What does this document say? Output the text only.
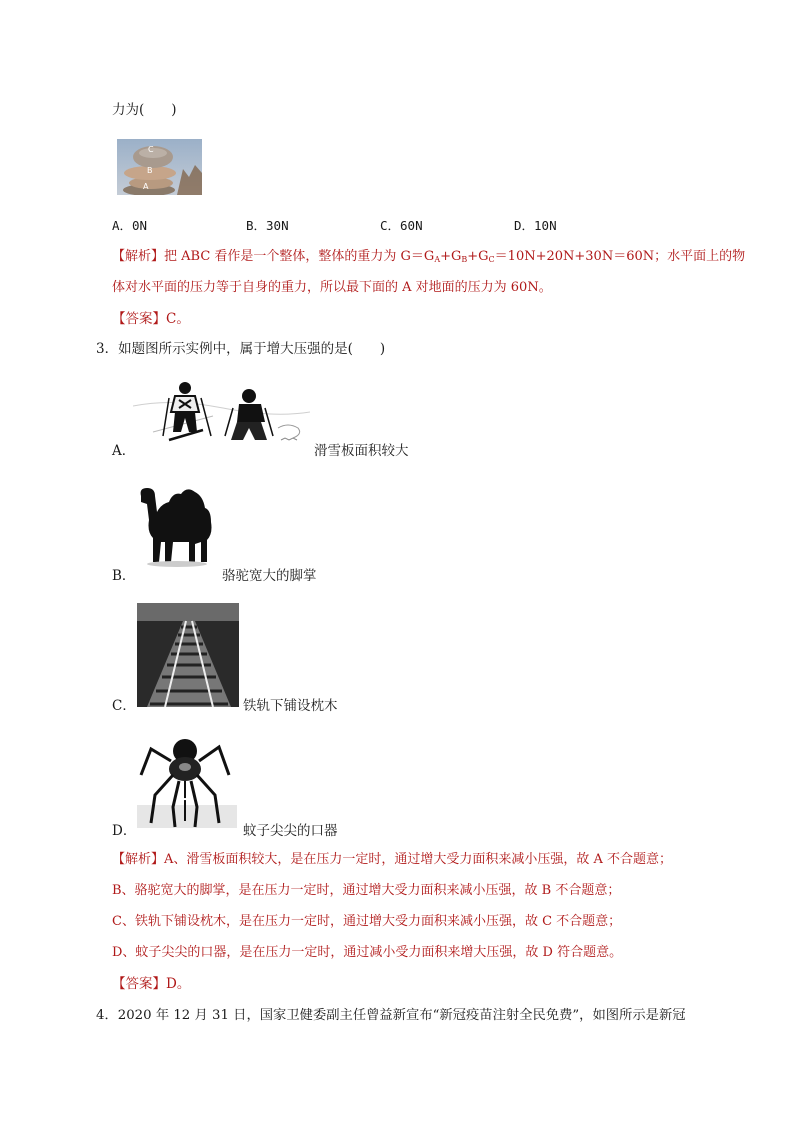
力为(　　)
C
B
A
A．0N	B．30N	C．60N	D．10N
【解析】把 ABC 看作是一个整体，整体的重力为 $G=G_A+G_B+G_C=10N+20N+30N=60N$；水平面上的物
体对水平面的压力等于自身的重力，所以最下面的 A 对地面的压力为 60N。
【答案】C。
3．如题图所示实例中，属于增大压强的是(　　)
A．	滑雪板面积较大
B．	骆驼宽大的脚掌
C．	铁轨下铺设枕木
D．	蚊子尖尖的口器
【解析】A、滑雪板面积较大，是在压力一定时，通过增大受力面积来减小压强，故 A 不合题意；
B、骆驼宽大的脚掌，是在压力一定时，通过增大受力面积来减小压强，故 B 不合题意；
C、铁轨下铺设枕木，是在压力一定时，通过增大受力面积来减小压强，故 C 不合题意；
D、蚊子尖尖的口器，是在压力一定时，通过减小受力面积来增大压强，故 D 符合题意。
【答案】D。
4．2020 年 12 月 31 日，国家卫健委副主任曾益新宣布“新冠疫苗注射全民免费”，如图所示是新冠
